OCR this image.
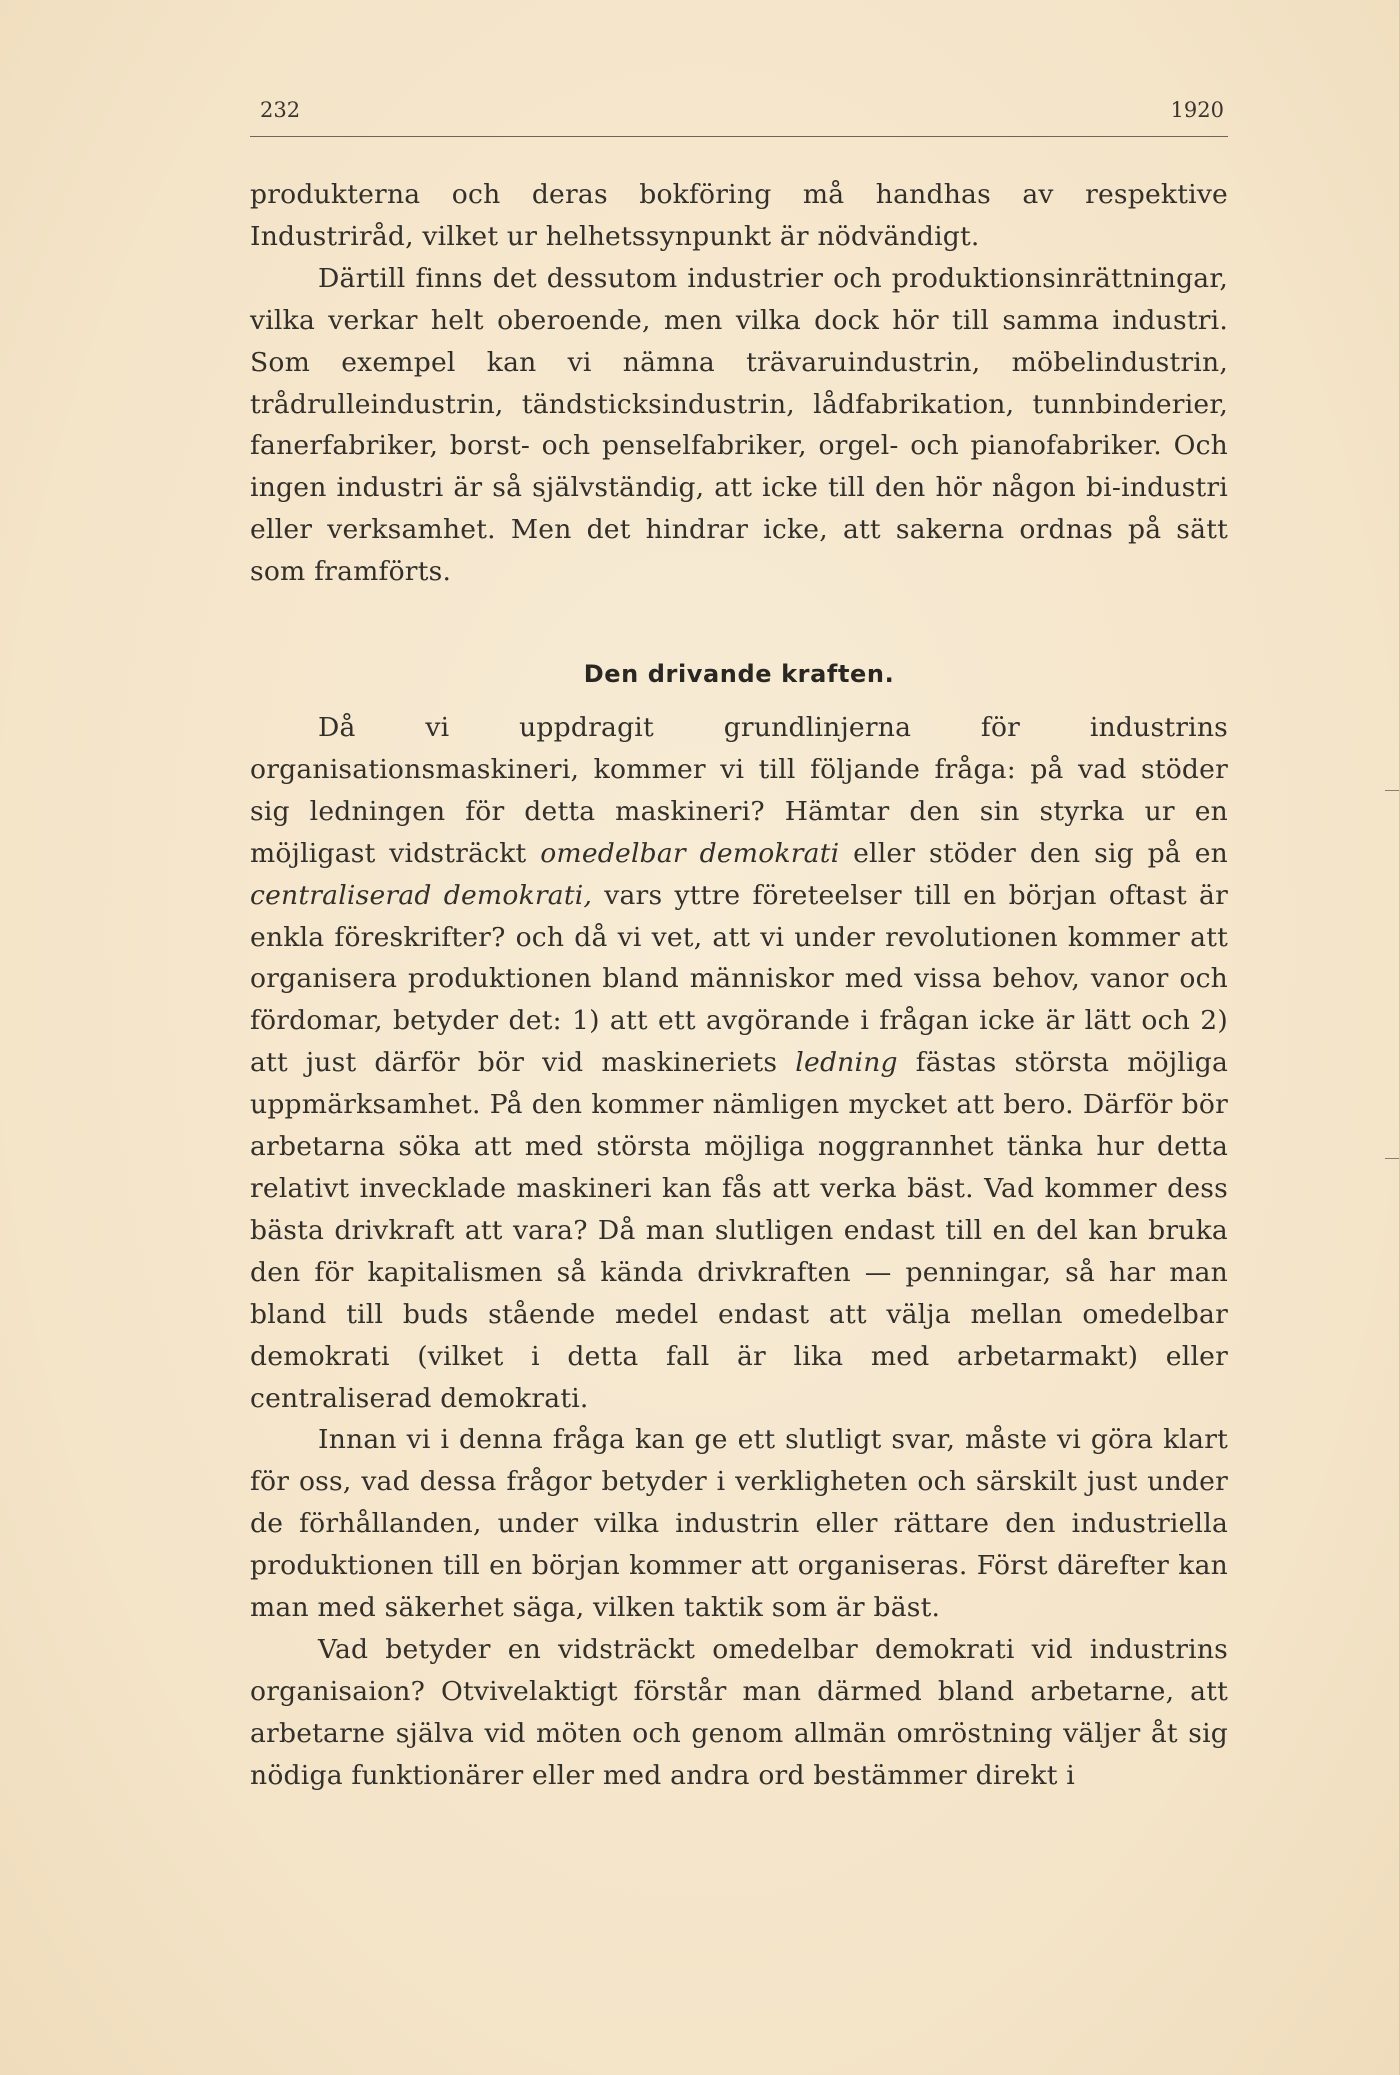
232	1920

produkterna och deras bokföring må handhas av respektive Industriråd, vilket ur helhetssynpunkt är nödvändigt.

Därtill finns det dessutom industrier och produktionsinrättningar, vilka verkar helt oberoende, men vilka dock hör till samma industri. Som exempel kan vi nämna trävaruindustrin, möbelindustrin, trådrulleindustrin, tändsticksindustrin, lådfabrikation, tunnbinderier, fanerfabriker, borst- och penselfabriker, orgel- och pianofabriker. Och ingen industri är så självständig, att icke till den hör någon bi-industri eller verksamhet. Men det hindrar icke, att sakerna ordnas på sätt som framförts.

Den drivande kraften.

Då vi uppdragit grundlinjerna för industrins organisationsmaskineri, kommer vi till följande fråga: på vad stöder sig ledningen för detta maskineri? Hämtar den sin styrka ur en möjligast vidsträckt omedelbar demokrati eller stöder den sig på en centraliserad demokrati, vars yttre företeelser till en början oftast är enkla föreskrifter? och då vi vet, att vi under revolutionen kommer att organisera produktionen bland människor med vissa behov, vanor och fördomar, betyder det: 1) att ett avgörande i frågan icke är lätt och 2) att just därför bör vid maskineriets ledning fästas största möjliga uppmärksamhet. På den kommer nämligen mycket att bero. Därför bör arbetarna söka att med största möjliga noggrannhet tänka hur detta relativt invecklade maskineri kan fås att verka bäst. Vad kommer dess bästa drivkraft att vara? Då man slutligen endast till en del kan bruka den för kapitalismen så kända drivkraften — penningar, så har man bland till buds stående medel endast att välja mellan omedelbar demokrati (vilket i detta fall är lika med arbetarmakt) eller centraliserad demokrati.

Innan vi i denna fråga kan ge ett slutligt svar, måste vi göra klart för oss, vad dessa frågor betyder i verkligheten och särskilt just under de förhållanden, under vilka industrin eller rättare den industriella produktionen till en början kommer att organiseras. Först därefter kan man med säkerhet säga, vilken taktik som är bäst.

Vad betyder en vidsträckt omedelbar demokrati vid industrins organisaion? Otvivelaktigt förstår man därmed bland arbetarne, att arbetarne själva vid möten och genom allmän omröstning väljer åt sig nödiga funktionärer eller med andra ord bestämmer direkt i
